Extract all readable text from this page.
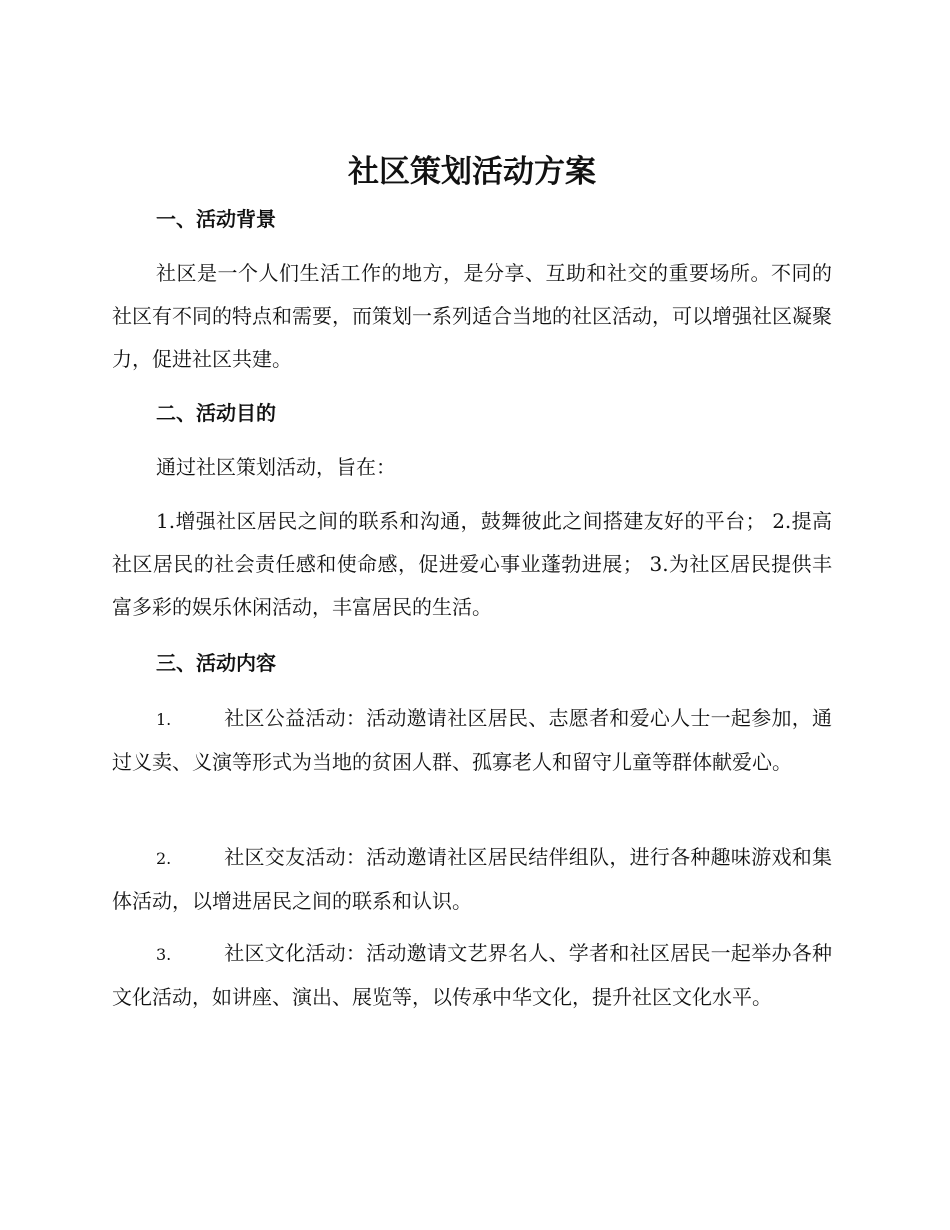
社区策划活动方案
一、活动背景

社区是一个人们生活工作的地方，是分享、互助和社交的重要场所。不同的社区有不同的特点和需要，而策划一系列适合当地的社区活动，可以增强社区凝聚力，促进社区共建。

二、活动目的

通过社区策划活动，旨在：

1.增强社区居民之间的联系和沟通，鼓舞彼此之间搭建友好的平台； 2.提高社区居民的社会责任感和使命感，促进爱心事业蓬勃进展； 3.为社区居民提供丰富多彩的娱乐休闲活动，丰富居民的生活。

三、活动内容

1.	社区公益活动：活动邀请社区居民、志愿者和爱心人士一起参加，通过义卖、义演等形式为当地的贫困人群、孤寡老人和留守儿童等群体献爱心。

2.	社区交友活动：活动邀请社区居民结伴组队，进行各种趣味游戏和集体活动，以增进居民之间的联系和认识。

3.	社区文化活动：活动邀请文艺界名人、学者和社区居民一起举办各种文化活动，如讲座、演出、展览等，以传承中华文化，提升社区文化水平。
